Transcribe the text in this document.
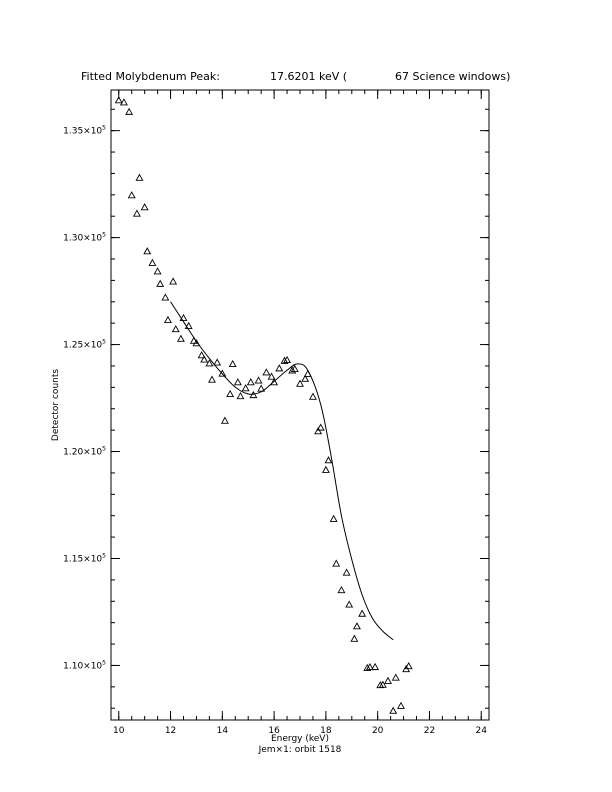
Fitted Molybdenum Peak:	17.6201 keV (	67 Science windows)
10	12	14	16	18	20	22	24
$1.10\times 10^5$
$1.15\times 10^5$
$1.20\times 10^5$
$1.25\times 10^5$
$1.30\times 10^5$
$1.35\times 10^5$
Energy (keV)
Jem×1: orbit 1518
Detector counts
